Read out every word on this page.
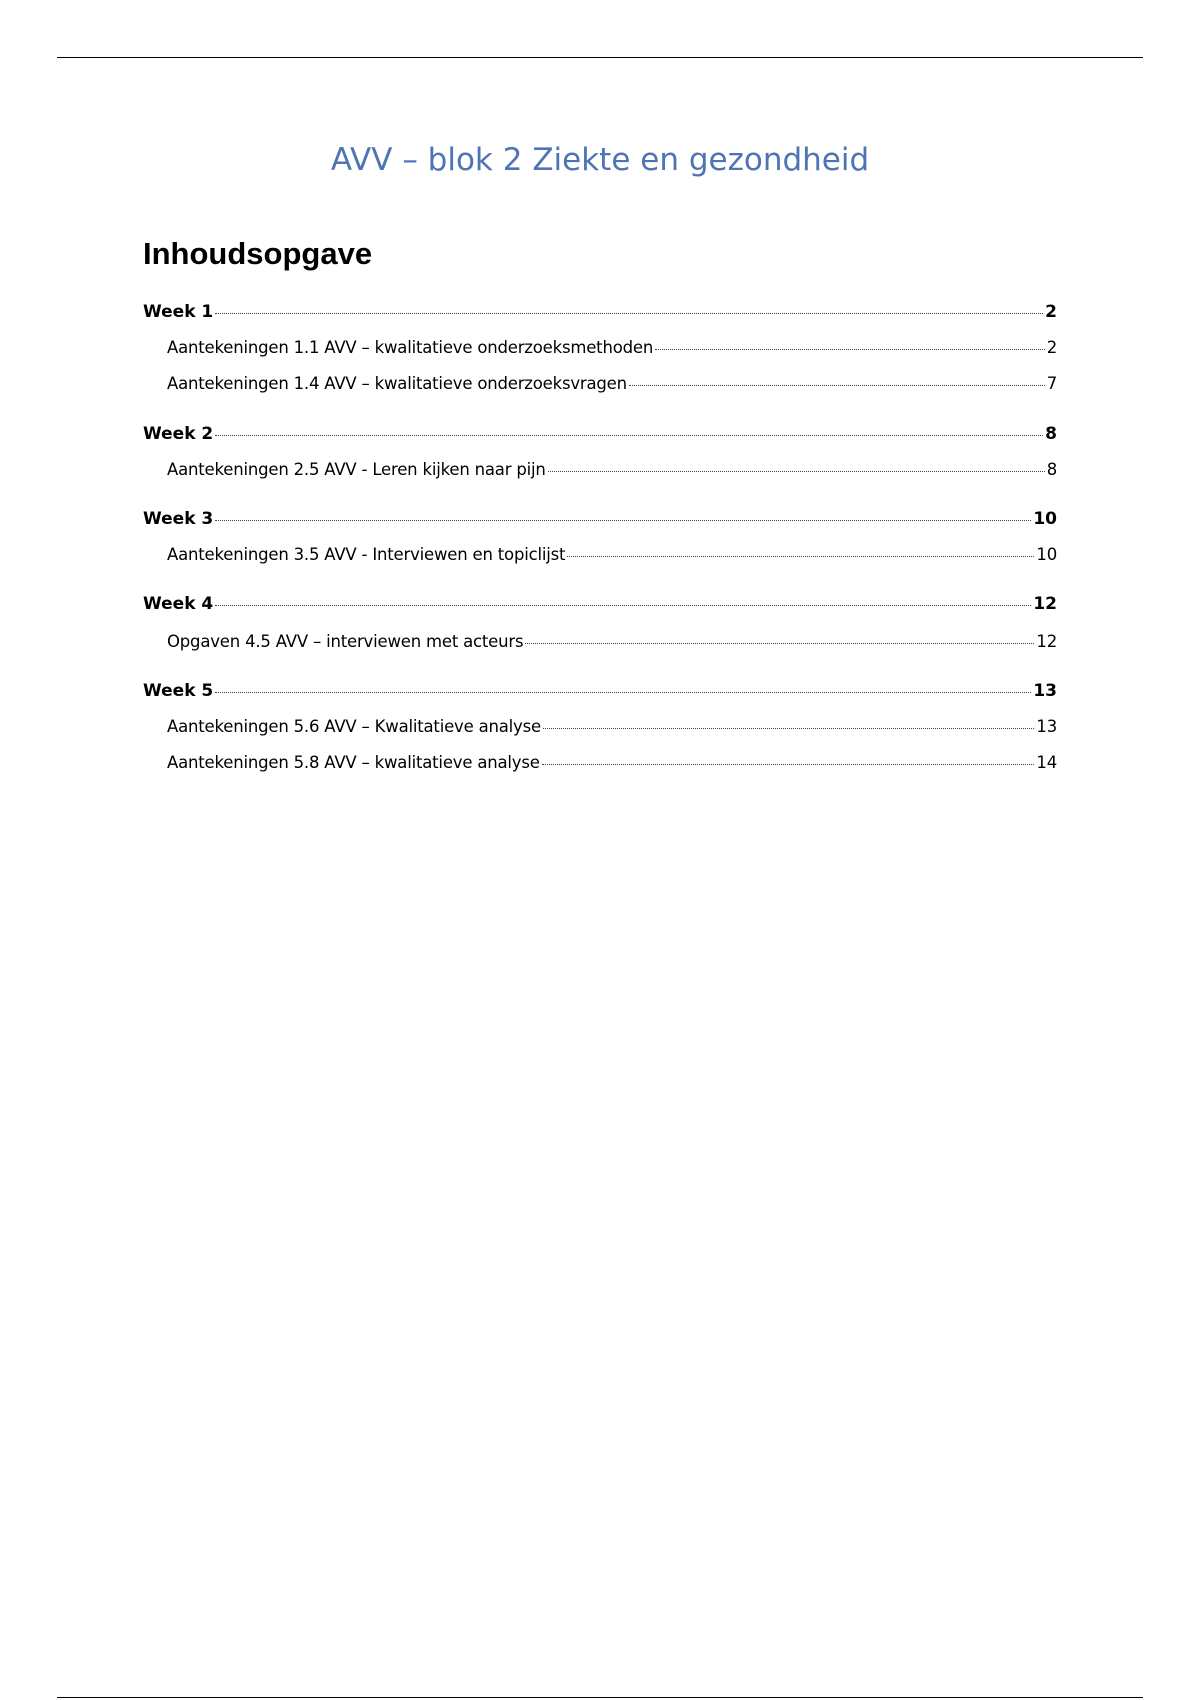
AVV – blok 2 Ziekte en gezondheid
Inhoudsopgave
Week 1	2
Aantekeningen 1.1 AVV – kwalitatieve onderzoeksmethoden	2
Aantekeningen 1.4 AVV – kwalitatieve onderzoeksvragen	7
Week 2	8
Aantekeningen 2.5 AVV - Leren kijken naar pijn	8
Week 3	10
Aantekeningen 3.5 AVV - Interviewen en topiclijst	10
Week 4	12
Opgaven 4.5 AVV – interviewen met acteurs	12
Week 5	13
Aantekeningen 5.6 AVV – Kwalitatieve analyse	13
Aantekeningen 5.8 AVV – kwalitatieve analyse	14
